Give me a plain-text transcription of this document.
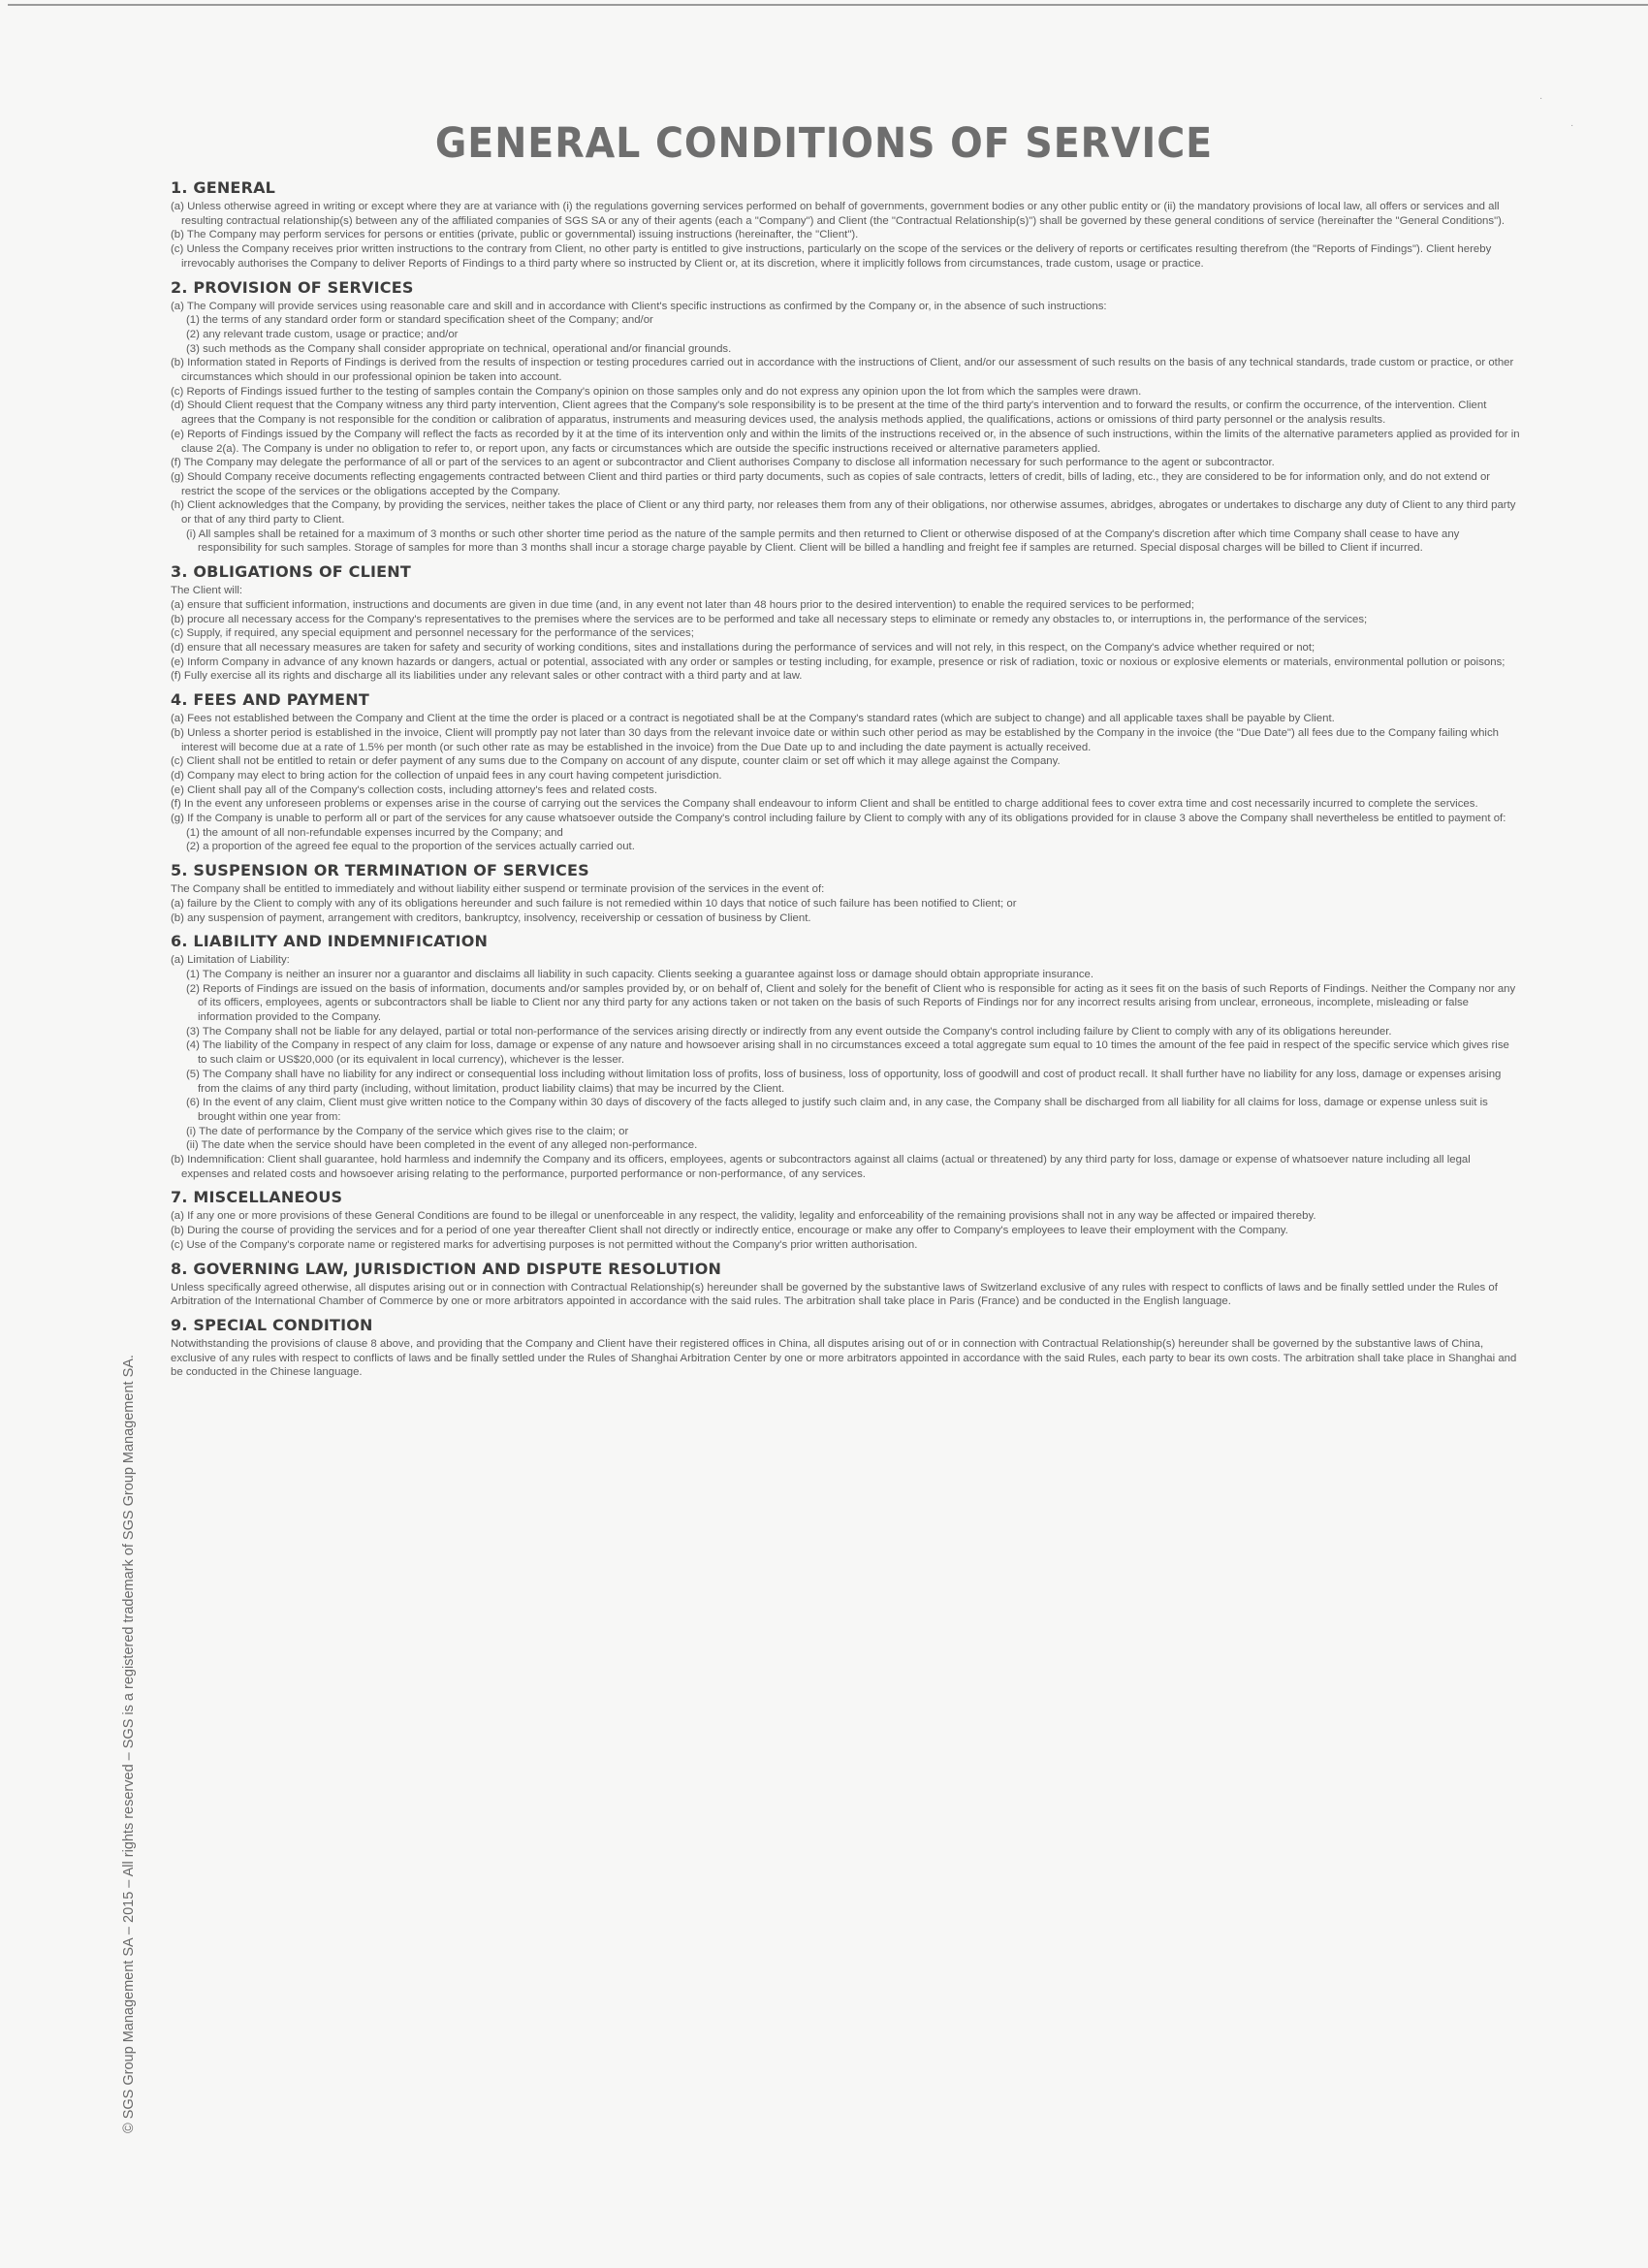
·
·
GENERAL CONDITIONS OF SERVICE
1. GENERAL
(a) Unless otherwise agreed in writing or except where they are at variance with (i) the regulations governing services performed on behalf of governments, government bodies or any other public entity or (ii) the mandatory provisions of local law, all offers or services and all resulting contractual relationship(s) between any of the affiliated companies of SGS SA or any of their agents (each a "Company") and Client (the "Contractual Relationship(s)") shall be governed by these general conditions of service (hereinafter the "General Conditions").
(b) The Company may perform services for persons or entities (private, public or governmental) issuing instructions (hereinafter, the "Client").
(c) Unless the Company receives prior written instructions to the contrary from Client, no other party is entitled to give instructions, particularly on the scope of the services or the delivery of reports or certificates resulting therefrom (the "Reports of Findings"). Client hereby irrevocably authorises the Company to deliver Reports of Findings to a third party where so instructed by Client or, at its discretion, where it implicitly follows from circumstances, trade custom, usage or practice.
2. PROVISION OF SERVICES
(a) The Company will provide services using reasonable care and skill and in accordance with Client's specific instructions as confirmed by the Company or, in the absence of such instructions:
(1) the terms of any standard order form or standard specification sheet of the Company; and/or
(2) any relevant trade custom, usage or practice; and/or
(3) such methods as the Company shall consider appropriate on technical, operational and/or financial grounds.
(b) Information stated in Reports of Findings is derived from the results of inspection or testing procedures carried out in accordance with the instructions of Client, and/or our assessment of such results on the basis of any technical standards, trade custom or practice, or other circumstances which should in our professional opinion be taken into account.
(c) Reports of Findings issued further to the testing of samples contain the Company's opinion on those samples only and do not express any opinion upon the lot from which the samples were drawn.
(d) Should Client request that the Company witness any third party intervention, Client agrees that the Company's sole responsibility is to be present at the time of the third party's intervention and to forward the results, or confirm the occurrence, of the intervention. Client agrees that the Company is not responsible for the condition or calibration of apparatus, instruments and measuring devices used, the analysis methods applied, the qualifications, actions or omissions of third party personnel or the analysis results.
(e) Reports of Findings issued by the Company will reflect the facts as recorded by it at the time of its intervention only and within the limits of the instructions received or, in the absence of such instructions, within the limits of the alternative parameters applied as provided for in clause 2(a). The Company is under no obligation to refer to, or report upon, any facts or circumstances which are outside the specific instructions received or alternative parameters applied.
(f) The Company may delegate the performance of all or part of the services to an agent or subcontractor and Client authorises Company to disclose all information necessary for such performance to the agent or subcontractor.
(g) Should Company receive documents reflecting engagements contracted between Client and third parties or third party documents, such as copies of sale contracts, letters of credit, bills of lading, etc., they are considered to be for information only, and do not extend or restrict the scope of the services or the obligations accepted by the Company.
(h) Client acknowledges that the Company, by providing the services, neither takes the place of Client or any third party, nor releases them from any of their obligations, nor otherwise assumes, abridges, abrogates or undertakes to discharge any duty of Client to any third party or that of any third party to Client.
(i) All samples shall be retained for a maximum of 3 months or such other shorter time period as the nature of the sample permits and then returned to Client or otherwise disposed of at the Company's discretion after which time Company shall cease to have any responsibility for such samples. Storage of samples for more than 3 months shall incur a storage charge payable by Client. Client will be billed a handling and freight fee if samples are returned. Special disposal charges will be billed to Client if incurred.
3. OBLIGATIONS OF CLIENT
The Client will:
(a) ensure that sufficient information, instructions and documents are given in due time (and, in any event not later than 48 hours prior to the desired intervention) to enable the required services to be performed;
(b) procure all necessary access for the Company's representatives to the premises where the services are to be performed and take all necessary steps to eliminate or remedy any obstacles to, or interruptions in, the performance of the services;
(c) Supply, if required, any special equipment and personnel necessary for the performance of the services;
(d) ensure that all necessary measures are taken for safety and security of working conditions, sites and installations during the performance of services and will not rely, in this respect, on the Company's advice whether required or not;
(e) Inform Company in advance of any known hazards or dangers, actual or potential, associated with any order or samples or testing including, for example, presence or risk of radiation, toxic or noxious or explosive elements or materials, environmental pollution or poisons;
(f) Fully exercise all its rights and discharge all its liabilities under any relevant sales or other contract with a third party and at law.
4. FEES AND PAYMENT
(a) Fees not established between the Company and Client at the time the order is placed or a contract is negotiated shall be at the Company's standard rates (which are subject to change) and all applicable taxes shall be payable by Client.
(b) Unless a shorter period is established in the invoice, Client will promptly pay not later than 30 days from the relevant invoice date or within such other period as may be established by the Company in the invoice (the "Due Date") all fees due to the Company failing which interest will become due at a rate of 1.5% per month (or such other rate as may be established in the invoice) from the Due Date up to and including the date payment is actually received.
(c) Client shall not be entitled to retain or defer payment of any sums due to the Company on account of any dispute, counter claim or set off which it may allege against the Company.
(d) Company may elect to bring action for the collection of unpaid fees in any court having competent jurisdiction.
(e) Client shall pay all of the Company's collection costs, including attorney's fees and related costs.
(f) In the event any unforeseen problems or expenses arise in the course of carrying out the services the Company shall endeavour to inform Client and shall be entitled to charge additional fees to cover extra time and cost necessarily incurred to complete the services.
(g) If the Company is unable to perform all or part of the services for any cause whatsoever outside the Company's control including failure by Client to comply with any of its obligations provided for in clause 3 above the Company shall nevertheless be entitled to payment of:
(1) the amount of all non-refundable expenses incurred by the Company; and
(2) a proportion of the agreed fee equal to the proportion of the services actually carried out.
5. SUSPENSION OR TERMINATION OF SERVICES
The Company shall be entitled to immediately and without liability either suspend or terminate provision of the services in the event of:
(a) failure by the Client to comply with any of its obligations hereunder and such failure is not remedied within 10 days that notice of such failure has been notified to Client; or
(b) any suspension of payment, arrangement with creditors, bankruptcy, insolvency, receivership or cessation of business by Client.
6. LIABILITY AND INDEMNIFICATION
(a) Limitation of Liability:
(1) The Company is neither an insurer nor a guarantor and disclaims all liability in such capacity. Clients seeking a guarantee against loss or damage should obtain appropriate insurance.
(2) Reports of Findings are issued on the basis of information, documents and/or samples provided by, or on behalf of, Client and solely for the benefit of Client who is responsible for acting as it sees fit on the basis of such Reports of Findings. Neither the Company nor any of its officers, employees, agents or subcontractors shall be liable to Client nor any third party for any actions taken or not taken on the basis of such Reports of Findings nor for any incorrect results arising from unclear, erroneous, incomplete, misleading or false information provided to the Company.
(3) The Company shall not be liable for any delayed, partial or total non-performance of the services arising directly or indirectly from any event outside the Company's control including failure by Client to comply with any of its obligations hereunder.
(4) The liability of the Company in respect of any claim for loss, damage or expense of any nature and howsoever arising shall in no circumstances exceed a total aggregate sum equal to 10 times the amount of the fee paid in respect of the specific service which gives rise to such claim or US$20,000 (or its equivalent in local currency), whichever is the lesser.
(5) The Company shall have no liability for any indirect or consequential loss including without limitation loss of profits, loss of business, loss of opportunity, loss of goodwill and cost of product recall. It shall further have no liability for any loss, damage or expenses arising from the claims of any third party (including, without limitation, product liability claims) that may be incurred by the Client.
(6) In the event of any claim, Client must give written notice to the Company within 30 days of discovery of the facts alleged to justify such claim and, in any case, the Company shall be discharged from all liability for all claims for loss, damage or expense unless suit is brought within one year from:
(i) The date of performance by the Company of the service which gives rise to the claim; or
(ii) The date when the service should have been completed in the event of any alleged non-performance.
(b) Indemnification: Client shall guarantee, hold harmless and indemnify the Company and its officers, employees, agents or subcontractors against all claims (actual or threatened) by any third party for loss, damage or expense of whatsoever nature including all legal expenses and related costs and howsoever arising relating to the performance, purported performance or non-performance, of any services.
7. MISCELLANEOUS
(a) If any one or more provisions of these General Conditions are found to be illegal or unenforceable in any respect, the validity, legality and enforceability of the remaining provisions shall not in any way be affected or impaired thereby.
(b) During the course of providing the services and for a period of one year thereafter Client shall not directly or indirectly entice, encourage or make any offer to Company's employees to leave their employment with the Company.
(c) Use of the Company's corporate name or registered marks for advertising purposes is not permitted without the Company's prior written authorisation.
8. GOVERNING LAW, JURISDICTION AND DISPUTE RESOLUTION
Unless specifically agreed otherwise, all disputes arising out or in connection with Contractual Relationship(s) hereunder shall be governed by the substantive laws of Switzerland exclusive of any rules with respect to conflicts of laws and be finally settled under the Rules of Arbitration of the International Chamber of Commerce by one or more arbitrators appointed in accordance with the said rules. The arbitration shall take place in Paris (France) and be conducted in the English language.
9. SPECIAL CONDITION
Notwithstanding the provisions of clause 8 above, and providing that the Company and Client have their registered offices in China, all disputes arising out of or in connection with Contractual Relationship(s) hereunder shall be governed by the substantive laws of China, exclusive of any rules with respect to conflicts of laws and be finally settled under the Rules of Shanghai Arbitration Center by one or more arbitrators appointed in accordance with the said Rules, each party to bear its own costs. The arbitration shall take place in Shanghai and be conducted in the Chinese language.
© SGS Group Management SA – 2015 – All rights reserved – SGS is a registered trademark of SGS Group Management SA.
